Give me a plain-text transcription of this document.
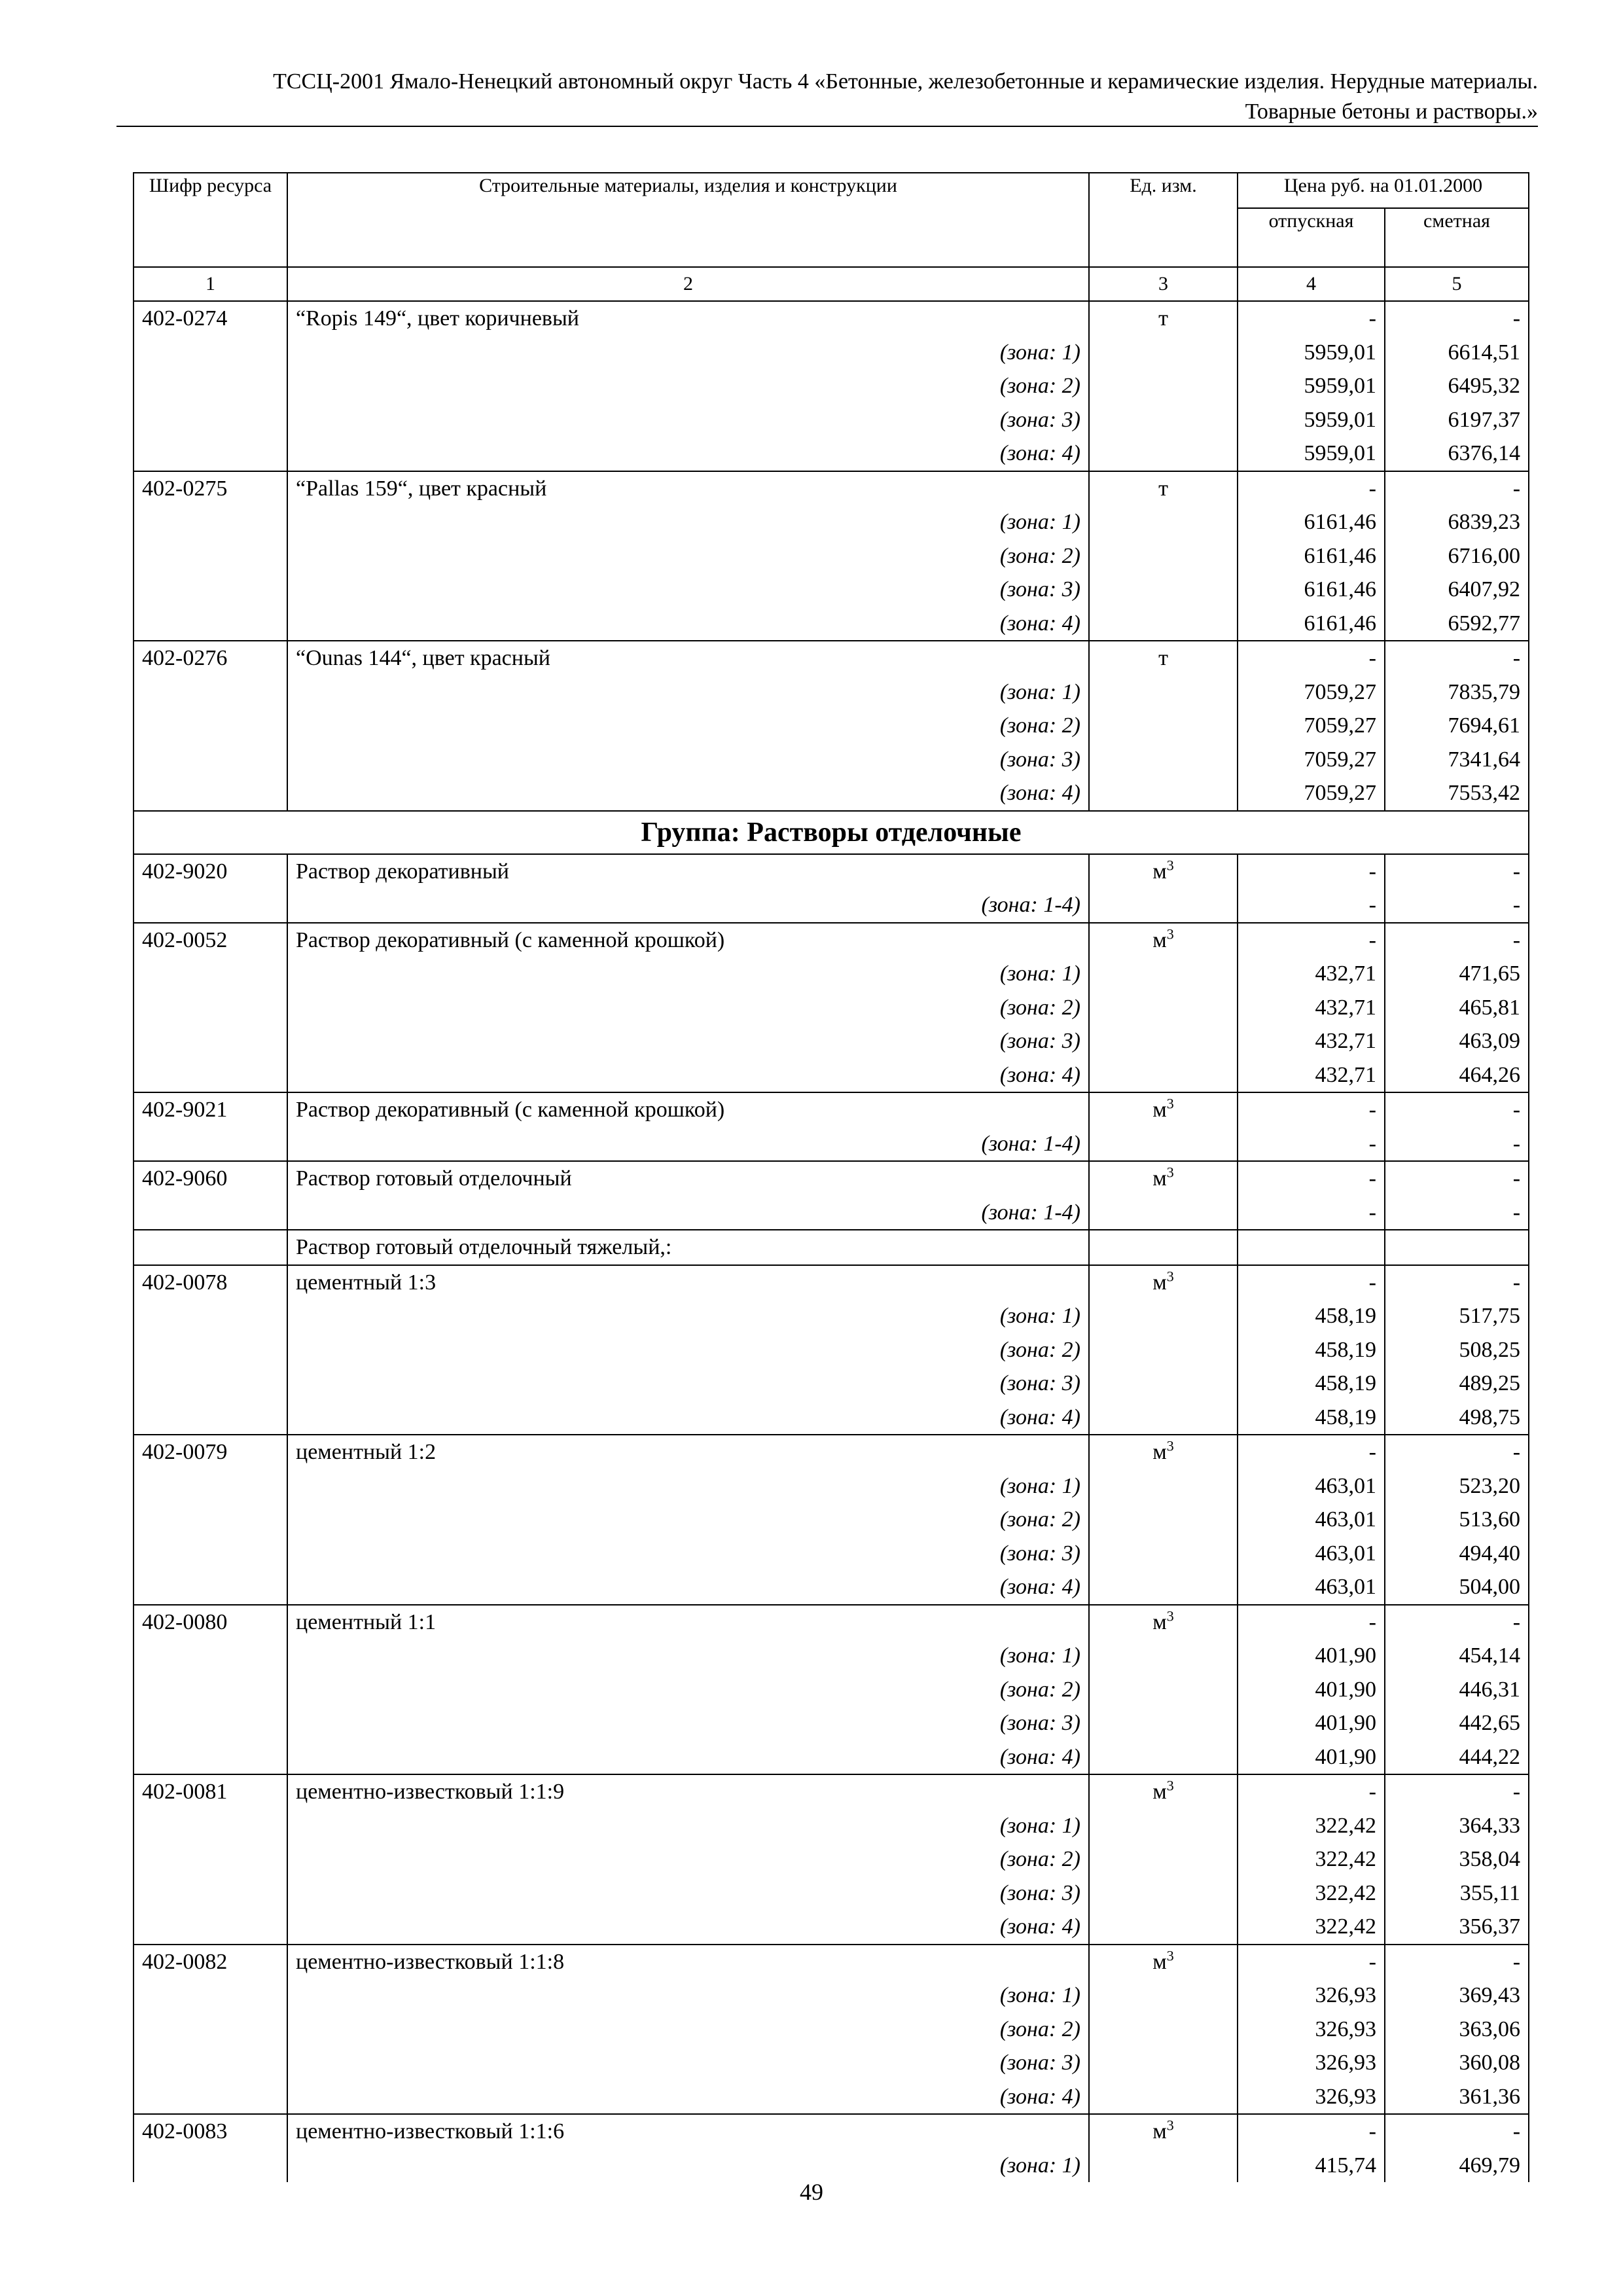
ТССЦ-2001 Ямало-Ненецкий автономный округ Часть 4 «Бетонные, железобетонные и керамические изделия. Нерудные материалы.
Товарные бетоны и растворы.»
Шифр ресурса	Строительные материалы, изделия и конструкции	Ед. изм.	Цена руб. на 01.01.2000	
			отпускная	сметная
1	2	3	4	5
402-0274	“Ropis 149“, цвет коричневый	т	-	-
	(зона: 1)		5959,01	6614,51
	(зона: 2)		5959,01	6495,32
	(зона: 3)		5959,01	6197,37
	(зона: 4)		5959,01	6376,14
402-0275	“Pallas 159“, цвет красный	т	-	-
	(зона: 1)		6161,46	6839,23
	(зона: 2)		6161,46	6716,00
	(зона: 3)		6161,46	6407,92
	(зона: 4)		6161,46	6592,77
402-0276	“Ounas 144“, цвет красный	т	-	-
	(зона: 1)		7059,27	7835,79
	(зона: 2)		7059,27	7694,61
	(зона: 3)		7059,27	7341,64
	(зона: 4)		7059,27	7553,42
Группа: Растворы отделочные				
402-9020	Раствор декоративный	$м^3$	-	-
	(зона: 1-4)		-	-
402-0052	Раствор декоративный (с каменной крошкой)	$м^3$	-	-
	(зона: 1)		432,71	471,65
	(зона: 2)		432,71	465,81
	(зона: 3)		432,71	463,09
	(зона: 4)		432,71	464,26
402-9021	Раствор декоративный (с каменной крошкой)	$м^3$	-	-
	(зона: 1-4)		-	-
402-9060	Раствор готовый отделочный	$м^3$	-	-
	(зона: 1-4)		-	-
	Раствор готовый отделочный тяжелый,:			
402-0078	цементный 1:3	$м^3$	-	-
	(зона: 1)		458,19	517,75
	(зона: 2)		458,19	508,25
	(зона: 3)		458,19	489,25
	(зона: 4)		458,19	498,75
402-0079	цементный 1:2	$м^3$	-	-
	(зона: 1)		463,01	523,20
	(зона: 2)		463,01	513,60
	(зона: 3)		463,01	494,40
	(зона: 4)		463,01	504,00
402-0080	цементный 1:1	$м^3$	-	-
	(зона: 1)		401,90	454,14
	(зона: 2)		401,90	446,31
	(зона: 3)		401,90	442,65
	(зона: 4)		401,90	444,22
402-0081	цементно-известковый 1:1:9	$м^3$	-	-
	(зона: 1)		322,42	364,33
	(зона: 2)		322,42	358,04
	(зона: 3)		322,42	355,11
	(зона: 4)		322,42	356,37
402-0082	цементно-известковый 1:1:8	$м^3$	-	-
	(зона: 1)		326,93	369,43
	(зона: 2)		326,93	363,06
	(зона: 3)		326,93	360,08
	(зона: 4)		326,93	361,36
402-0083	цементно-известковый 1:1:6	$м^3$	-	-
	(зона: 1)		415,74	469,79
49
